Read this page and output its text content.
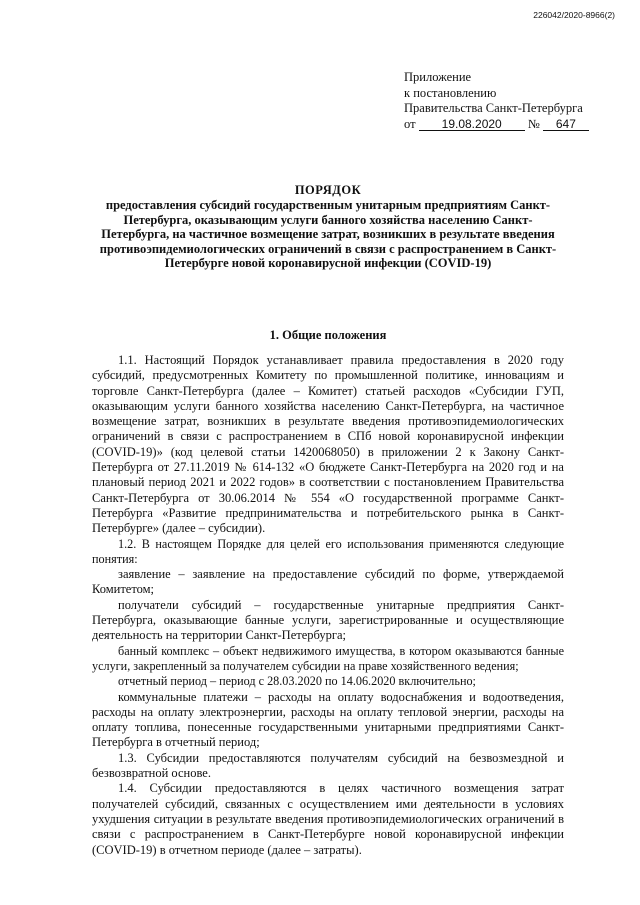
226042/2020-8966(2)
Приложение
к постановлению
Правительства Санкт-Петербурга
от 19.08.2020 № 647
ПОРЯДОК
предоставления субсидий государственным унитарным предприятиям Санкт-Петербурга, оказывающим услуги банного хозяйства населению Санкт-Петербурга, на частичное возмещение затрат, возникших в результате введения противоэпидемиологических ограничений в связи с распространением в Санкт-Петербурге новой коронавирусной инфекции (COVID-19)
1. Общие положения

1.1. Настоящий Порядок устанавливает правила предоставления в 2020 году субсидий, предусмотренных Комитету по промышленной политике, инновациям и торговле Санкт-Петербурга (далее – Комитет) статьей расходов «Субсидии ГУП, оказывающим услуги банного хозяйства населению Санкт-Петербурга, на частичное возмещение затрат, возникших в результате введения противоэпидемиологических ограничений в связи с распространением в СПб новой коронавирусной инфекции (COVID-19)» (код целевой статьи 1420068050) в приложении 2 к Закону Санкт-Петербурга от 27.11.2019 № 614-132 «О бюджете Санкт-Петербурга на 2020 год и на плановый период 2021 и 2022 годов» в соответствии с постановлением Правительства Санкт-Петербурга от 30.06.2014 № 554 «О государственной программе Санкт-Петербурга «Развитие предпринимательства и потребительского рынка в Санкт-Петербурге» (далее – субсидии).

1.2. В настоящем Порядке для целей его использования применяются следующие понятия:

заявление – заявление на предоставление субсидий по форме, утверждаемой Комитетом;

получатели субсидий – государственные унитарные предприятия Санкт-Петербурга, оказывающие банные услуги, зарегистрированные и осуществляющие деятельность на территории Санкт-Петербурга;

банный комплекс – объект недвижимого имущества, в котором оказываются банные услуги, закрепленный за получателем субсидии на праве хозяйственного ведения;

отчетный период – период с 28.03.2020 по 14.06.2020 включительно;

коммунальные платежи – расходы на оплату водоснабжения и водоотведения, расходы на оплату электроэнергии, расходы на оплату тепловой энергии, расходы на оплату топлива, понесенные государственными унитарными предприятиями Санкт-Петербурга в отчетный период;

1.3. Субсидии предоставляются получателям субсидий на безвозмездной и безвозвратной основе.

1.4. Субсидии предоставляются в целях частичного возмещения затрат получателей субсидий, связанных с осуществлением ими деятельности в условиях ухудшения ситуации в результате введения противоэпидемиологических ограничений в связи с распространением в Санкт-Петербурге новой коронавирусной инфекции (COVID-19) в отчетном периоде (далее – затраты).
